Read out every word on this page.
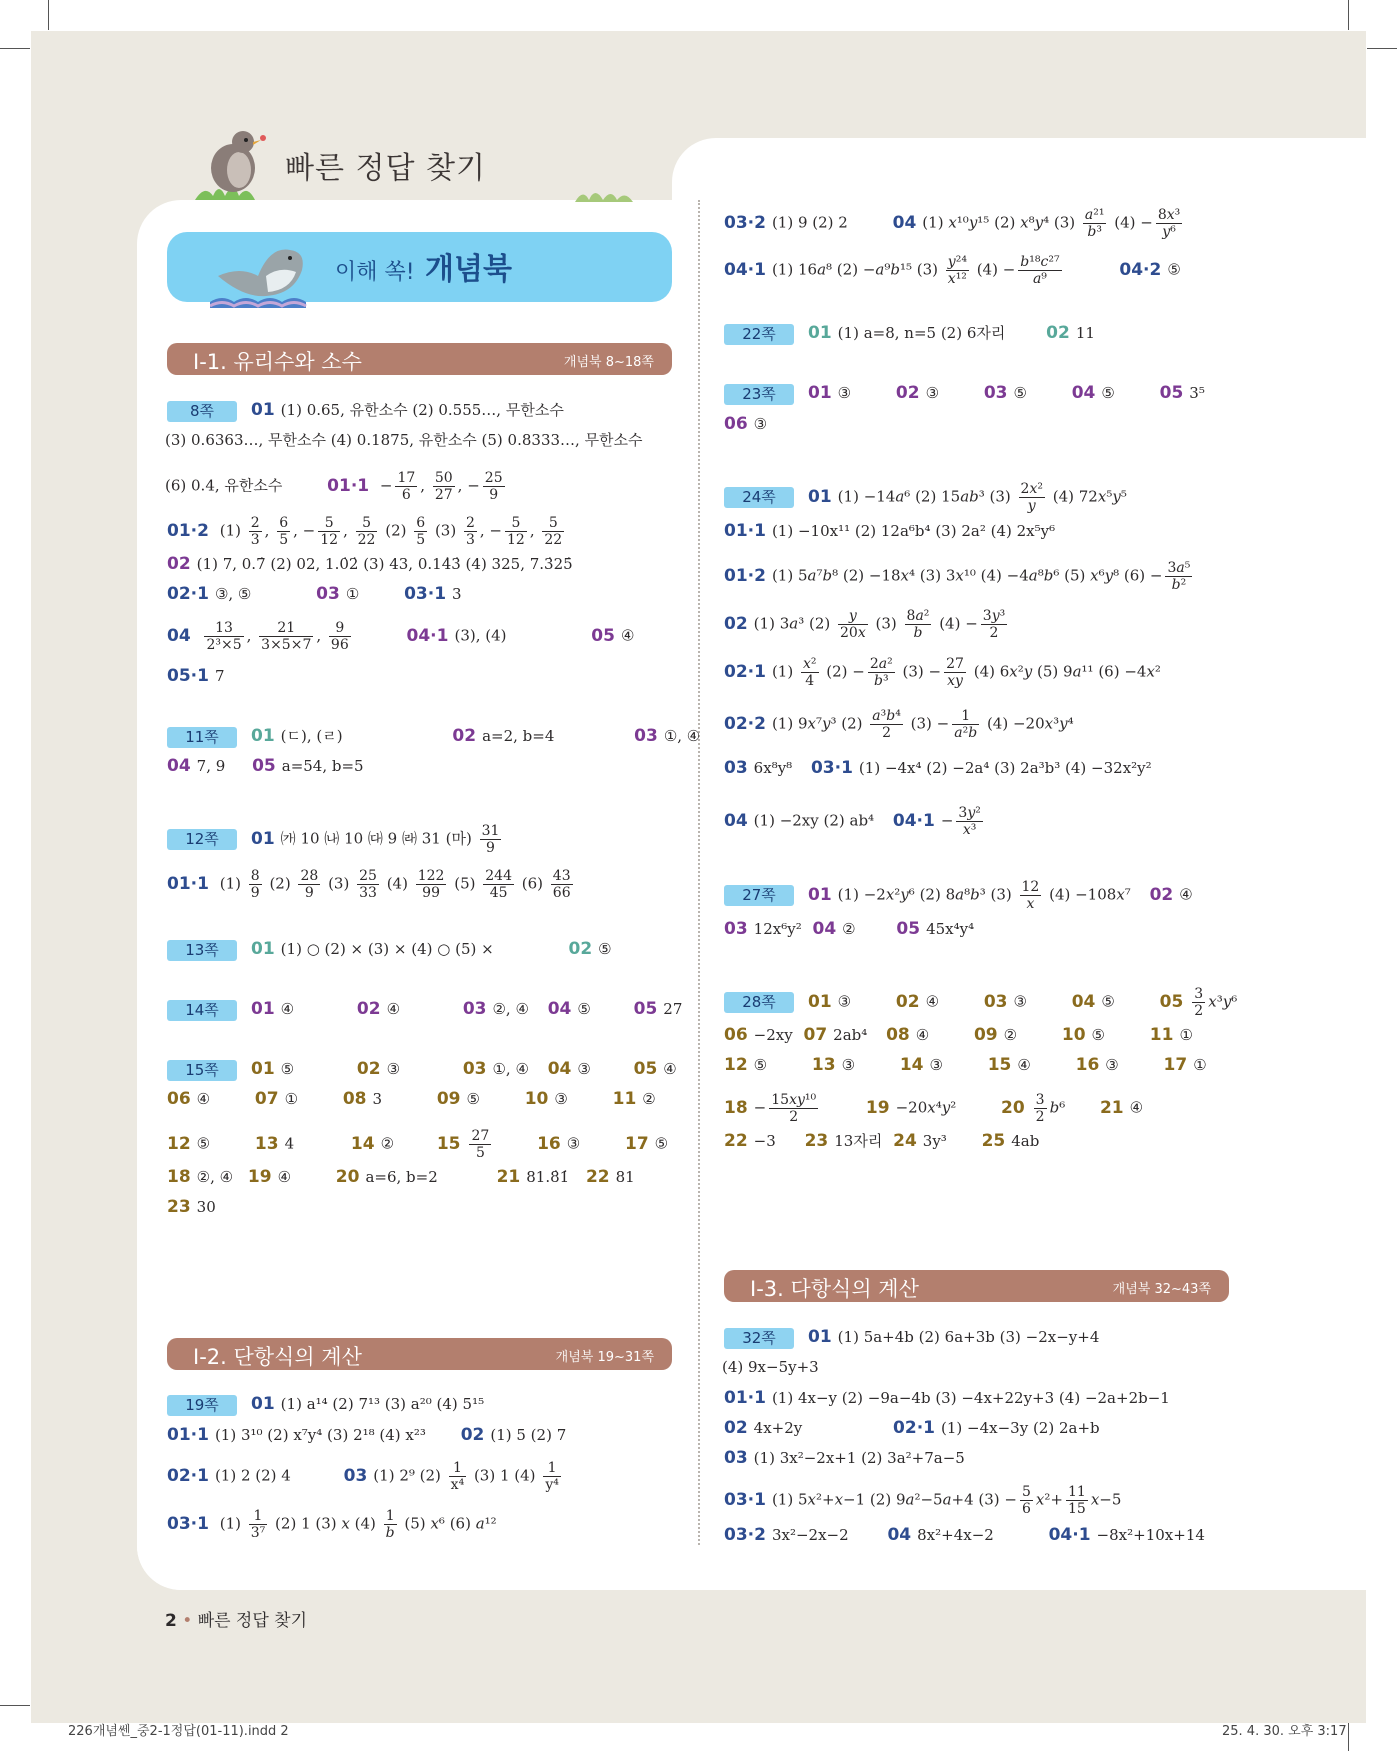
빠른 정답 찾기
이해 쏙! 개념북
Ⅰ-1. 유리수와 소수	개념북 8~18쪽
Ⅰ-2. 단항식의 계산	개념북 19~31쪽
Ⅰ-3. 다항식의 계산	개념북 32~43쪽
8쪽 01 (1) 0.65, 유한소수 (2) 0.555…, 무한소수
(3) 0.6363…, 무한소수 (4) 0.1875, 유한소수 (5) 0.8333…, 무한소수
(6) 0.4, 유한소수	$01\cdot 1 - \frac{17}{6}$ , $\frac{50}{27}$ , − $\frac{25}{9}$
01·2 $(1) \frac{2}{3}$ , $\frac{6}{5}$ , − $\frac{5}{12}$ , $\frac{5}{22} (2) \frac{6}{5} (3) \frac{2}{3}$ , − $\frac{5}{12}$ , $\frac{5}{22}$
02 (1) 7, 0.7̇ (2) 02, 1.0̇2̇ (3) 43, 0.14̇3̇ (4) 325, 7.3̇25̇
02·1 ③, ⑤	03 ①	03·1 3
$04 \frac{13}{\text{2³×5}}$ , $\frac{21}{3\times 5\times 7}$ , $\frac{9}{96}$	04·1 (3), (4)	05 ④
05·1 7
11쪽 01 (ㄷ), (ㄹ)	02 a=2, b=4	03 ①, ④
04 7, 9 05 a=54, b=5
12쪽 01 ㈎ 10 ㈏ 10 ㈐ 9 ㈑ 31 (마) $\frac{31}{9}$
01·1 $(1) \frac{8}{9} (2) \frac{28}{9} (3) \frac{25}{33} (4) \frac{122}{99} (5) \frac{244}{45} (6) \frac{43}{66}$
13쪽 01 (1) ○ (2) × (3) × (4) ○ (5) ×	02 ⑤
14쪽 01 ④	02 ④	03 ②, ④ 04 ⑤	05 27
15쪽 01 ⑤	02 ③	03 ①, ④ 04 ③	05 ④
06 ④	07 ①	08 3	09 ⑤	10 ③	11 ②
12 ⑤	13 4	14 ②	$15 \frac{27}{5}$	16 ③	17 ⑤
18 ②, ④ 19 ④	20 a=6, b=2	21 81.8̇1̇ 22 81
23 30
19쪽 01 (1) a¹⁴ (2) 7¹³ (3) a²⁰ (4) 5¹⁵
01·1 (1) 3¹⁰ (2) x⁷y⁴ (3) 2¹⁸ (4) x²³ 02 (1) 5 (2) 7
02·1 (1) 2 (2) 4	03 (1) 2⁹ $(2) \frac{1}{\text{x⁴}} (3)$ 1 $(4) \frac{1}{\text{y⁴}}$
03·1 $(1) \frac{1}{\text{3⁷}} (2)$ 1 (3) x $(4) \frac{1}{b} (5)$ x⁶ (6) a¹²
03·2 (1) 9 (2) 2	04 (1) x¹⁰y¹⁵ (2) x⁸y⁴ $(3) \frac{\text{a²¹}}{\text{b³}} (4) - \frac{\text{8x³}}{\text{y⁶}}$
04·1 (1) 16a⁸ (2) −a⁹b¹⁵ $(3) \frac{\text{y²⁴}}{\text{x¹²}} (4) - \frac{\text{b¹⁸c²⁷}}{\text{a⁹}}$	04·2 ⑤
22쪽 01 (1) a=8, n=5 (2) 6자리 02 11
23쪽 01 ③	02 ③	03 ⑤	04 ⑤	05 3⁵
06 ③
24쪽 01 (1) −14a⁶ (2) 15ab³ $(3) \frac{\text{2x²}}{y} (4)$ 72x⁵y⁵
01·1 (1) −10x¹¹ (2) 12a⁶b⁴ (3) 2a² (4) 2x⁵y⁶
01·2 (1) 5a⁷b⁸ (2) −18x⁴ (3) 3x¹⁰ (4) −4a⁸b⁶ (5) x⁶y⁸ $(6) - \frac{\text{3a⁵}}{\text{b²}}$
02 (1) 3a³ $(2) \frac{y}{20x} (3) \frac{\text{8a²}}{b} (4) - \frac{\text{3y³}}{2}$
02·1 $(1) \frac{\text{x²}}{4} (2) - \frac{\text{2a²}}{\text{b³}} (3) - \frac{27}{xy} (4)$ 6x²y (5) 9a¹¹ (6) −4x²
02·2 (1) 9x⁷y³ $(2) \frac{\text{a³b⁴}}{2} (3) - \frac{1}{\text{a²b}} (4) -20x^3y^4$
03 6x⁸y⁸ 03·1 (1) −4x⁴ (2) −2a⁴ (3) 2a³b³ (4) −32x²y²
04 (1) −2xy (2) ab⁴ $04\cdot 1 - \frac{\text{3y²}}{\text{x³}}$
27쪽 01 (1) −2x²y⁶ (2) 8a⁸b³ $(3) \frac{12}{x} (4) -108x^7$ 02 ④
03 12x⁶y² 04 ② 05 45x⁴y⁴
28쪽 01 ③	02 ④	03 ③	04 ⑤	$05 \frac{3}{2} x^3y^6$
06 −2xy 07 2ab⁴ 08 ④	09 ②	10 ⑤	11 ①
12 ⑤	13 ③	14 ③	15 ④	16 ③	17 ①
$18 - \frac{\text{15xy¹⁰}}{2}$	19 −20x⁴y² $20 \frac{3}{2} b^6$ 21 ④
22 −3 23 13자리 24 3y³ 25 4ab
32쪽 01 (1) 5a+4b (2) 6a+3b (3) −2x−y+4
(4) 9x−5y+3
01·1 (1) 4x−y (2) −9a−4b (3) −4x+22y+3 (4) −2a+2b−1
02 4x+2y	02·1 (1) −4x−3y (2) 2a+b
03 (1) 3x²−2x+1 (2) 3a²+7a−5
03·1 (1) 5x²+x−1 (2) 9a²−5a+4 $(3) - \frac{5}{6} x^2+ \frac{11}{15} x-5$
03·2 3x²−2x−2 04 8x²+4x−2	04·1 −8x²+10x+14
2 • 빠른 정답 찾기
226개념쎈_중2-1정답(01-11).indd 2	25. 4. 30. 오후 3:17
